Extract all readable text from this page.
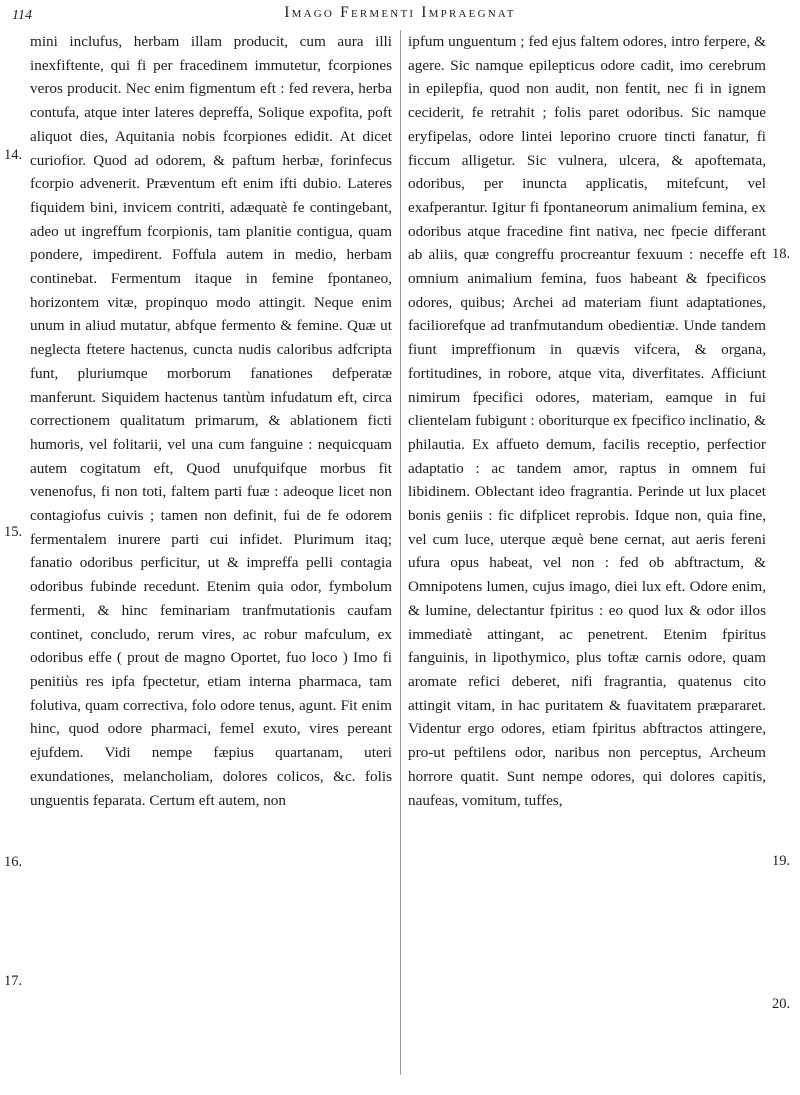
114	Imago Fermenti Impraegnat

mini inclufus, herbam illam producit, cum aura illi inexfiftente, qui fi per fracedinem immutetur, fcorpiones veros producit. Nec enim figmentum eft : fed revera, herba contufa, atque inter lateres depreffa, Solique expofita, poft aliquot dies, Aquitania nobis fcorpiones edidit. At dicet curiofior. Quod ad odorem, & paftum herbæ, forinfecus fcorpio advenerit. Præventum eft enim ifti dubio. Lateres fiquidem bini, invicem contriti, adæquatè fe contingebant, adeo ut ingreffum fcorpionis, tam planitie contigua, quam pondere, impedirent. Foffula autem in medio, herbam continebat. Fermentum itaque in femine fpontaneo, horizontem vitæ, propinquo modo attingit. Neque enim unum in aliud mutatur, abfque fermento & femine. Quæ ut neglecta ftetere hactenus, cuncta nudis caloribus adfcripta funt, pluriumque morborum fanationes defperatæ manferunt. Siquidem hactenus tantùm infudatum eft, circa correctionem qualitatum primarum, & ablationem ficti humoris, vel folitarii, vel una cum fanguine : nequicquam autem cogitatum eft, Quod unufquifque morbus fit venenofus, fi non toti, faltem parti fuæ : adeoque licet non contagiofus cuivis ; tamen non definit, fui de fe odorem fermentalem inurere parti cui infidet. Plurimum itaq; fanatio odoribus perficitur, ut & impreffa pelli contagia odoribus fubinde recedunt. Etenim quia odor, fymbolum fermenti, & hinc feminariam tranfmutationis caufam continet, concludo, rerum vires, ac robur mafculum, ex odoribus effe ( prout de magno Oportet, fuo loco ) Imo fi penitiùs res ipfa fpectetur, etiam interna pharmaca, tam folutiva, quam correctiva, folo odore tenus, agunt. Fit enim hinc, quod odore pharmaci, femel exuto, vires pereant ejufdem. Vidi nempe fæpius quartanam, uteri exundationes, melancholiam, dolores colicos, &c. folis unguentis feparata. Certum eft autem, non

ipfum unguentum ; fed ejus faltem odores, intro ferpere, & agere. Sic namque epilepticus odore cadit, imo cerebrum in epilepfia, quod non audit, non fentit, nec fi in ignem ceciderit, fe retrahit ; folis paret odoribus. Sic namque eryfipelas, odore lintei leporino cruore tincti fanatur, fi ficcum alligetur. Sic vulnera, ulcera, & apoftemata, odoribus, per inuncta applicatis, mitefcunt, vel exafperantur. Igitur fi fpontaneorum animalium femina, ex odoribus atque fracedine fint nativa, nec fpecie differant ab aliis, quæ congreffu procreantur fexuum : neceffe eft omnium animalium femina, fuos habeant & fpecificos odores, quibus; Archei ad materiam fiunt adaptationes, faciliorefque ad tranfmutandum obedientiæ. Unde tandem fiunt impreffionum in quævis vifcera, & organa, fortitudines, in robore, atque vita, diverfitates. Afficiunt nimirum fpecifici odores, materiam, eamque in fui clientelam fubigunt : oboriturque ex fpecifico inclinatio, & philautia. Ex affueto demum, facilis receptio, perfectior adaptatio : ac tandem amor, raptus in omnem fui libidinem. Oblectant ideo fragrantia. Perinde ut lux placet bonis geniis : fic difplicet reprobis. Idque non, quia fine, vel cum luce, uterque æquè bene cernat, aut aeris fereni ufura opus habeat, vel non : fed ob abftractum, & Omnipotens lumen, cujus imago, diei lux eft. Odore enim, & lumine, delectantur fpiritus : eo quod lux & odor illos immediatè attingant, ac penetrent. Etenim fpiritus fanguinis, in lipothymico, plus toftæ carnis odore, quam aromate refici deberet, nifi fragrantia, quatenus cito attingit vitam, in hac puritatem & fuavitatem præpararet. Videntur ergo odores, etiam fpiritus abftractos attingere, pro-ut peftilens odor, naribus non perceptus, Archeum horrore quatit. Sunt nempe odores, qui dolores capitis, naufeas, vomitum, tuffes,

14.
15.
16.
17.
18.
19.
20.
